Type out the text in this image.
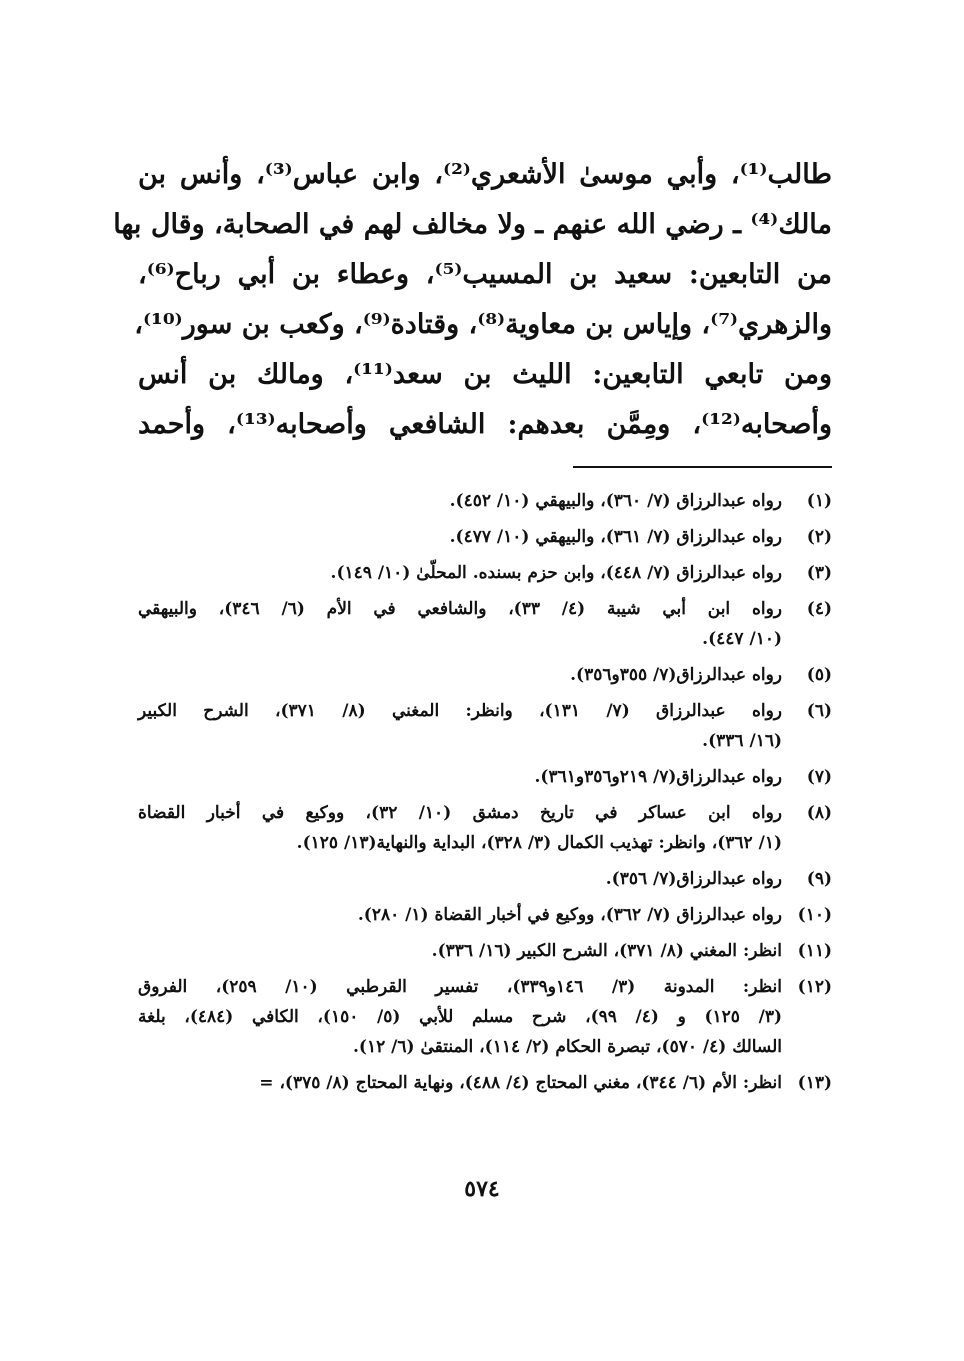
طالب⁽¹⁾، وأبي موسىٰ الأشعري⁽²⁾، وابن عباس⁽³⁾، وأنس بن
مالك⁽⁴⁾ ـ رضي الله عنهم ـ ولا مخالف لهم في الصحابة، وقال بها
من التابعين: سعيد بن المسيب⁽⁵⁾، وعطاء بن أبي رباح⁽⁶⁾،
والزهري⁽⁷⁾، وإياس بن معاوية⁽⁸⁾، وقتادة⁽⁹⁾، وكعب بن سور⁽¹⁰⁾،
ومن تابعي التابعين: الليث بن سعد⁽¹¹⁾، ومالك بن أنس
وأصحابه⁽¹²⁾، ومِمَّن بعدهم: الشافعي وأصحابه⁽¹³⁾، وأحمد
(١)
رواه عبدالرزاق (٧/ ٣٦٠)، والبيهقي (١٠/ ٤٥٢).
(٢)
رواه عبدالرزاق (٧/ ٣٦١)، والبيهقي (١٠/ ٤٧٧).
(٣)
رواه عبدالرزاق (٧/ ٤٤٨)، وابن حزم بسنده. المحلّىٰ (١٠/ ١٤٩).
(٤)
رواه ابن أبي شيبة (٤/ ٣٣)، والشافعي في الأم (٦/ ٣٤٦)، والبيهقي
(١٠/ ٤٤٧).
(٥)
رواه عبدالرزاق(٧/ ٣٥٥و٣٥٦).
(٦)
رواه عبدالرزاق (٧/ ١٣١)، وانظر: المغني (٨/ ٣٧١)، الشرح الكبير
(١٦/ ٣٣٦).
(٧)
رواه عبدالرزاق(٧/ ٢١٩و٣٥٦و٣٦١).
(٨)
رواه ابن عساكر في تاريخ دمشق (١٠/ ٣٢)، ووكيع في أخبار القضاة
(١/ ٣٦٢)، وانظر: تهذيب الكمال (٣/ ٣٢٨)، البداية والنهاية(١٣/ ١٢٥).
(٩)
رواه عبدالرزاق(٧/ ٣٥٦).
(١٠)
رواه عبدالرزاق (٧/ ٣٦٢)، ووكيع في أخبار القضاة (١/ ٢٨٠).
(١١)
انظر: المغني (٨/ ٣٧١)، الشرح الكبير (١٦/ ٣٣٦).
(١٢)
انظر: المدونة (٣/ ١٤٦و٣٣٩)، تفسير القرطبي (١٠/ ٢٥٩)، الفروق
(٣/ ١٢٥) و (٤/ ٩٩)، شرح مسلم للأبي (٥/ ١٥٠)، الكافي (٤٨٤)، بلغة
السالك (٤/ ٥٧٠)، تبصرة الحكام (٢/ ١١٤)، المنتقىٰ (٦/ ١٢).
(١٣)
انظر: الأم (٦/ ٣٤٤)، مغني المحتاج (٤/ ٤٨٨)، ونهاية المحتاج (٨/ ٣٧٥)، =
٥٧٤
